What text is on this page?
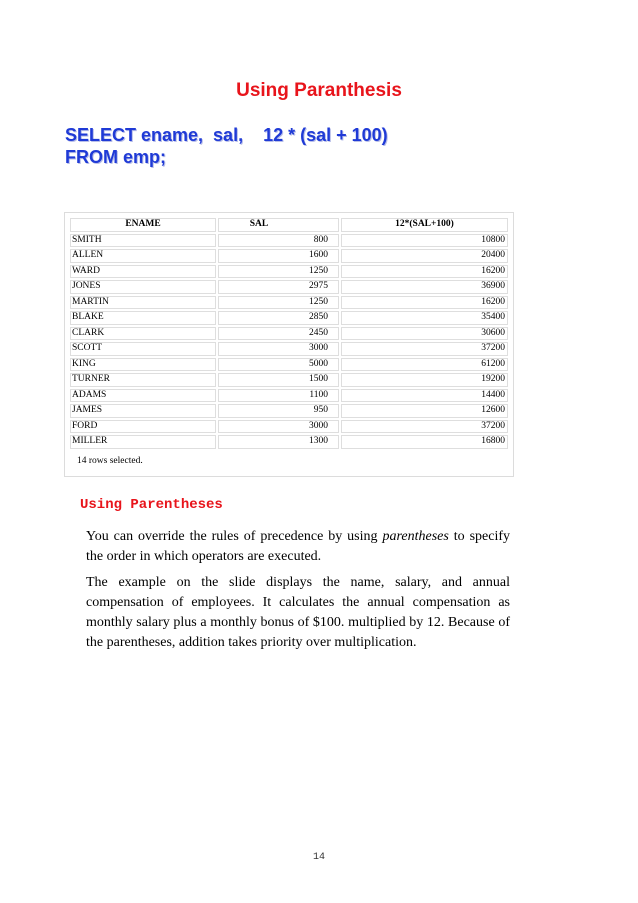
Using Paranthesis
SELECT ename,  sal,    12 * (sal + 100)
FROM emp;
ENAME	SAL	12*(SAL+100)
SMITH	800	10800
ALLEN	1600	20400
WARD	1250	16200
JONES	2975	36900
MARTIN	1250	16200
BLAKE	2850	35400
CLARK	2450	30600
SCOTT	3000	37200
KING	5000	61200
TURNER	1500	19200
ADAMS	1100	14400
JAMES	950	12600
FORD	3000	37200
MILLER	1300	16800
14 rows selected.
Using Parentheses
You can override the rules of precedence by using parentheses to specify the order in which operators are executed.
The example on the slide displays the name, salary, and annual compensation of employees. It calculates the annual compensation as monthly salary plus a monthly bonus of $100. multiplied by 12. Because of the parentheses, addition takes priority over multiplication.
14
